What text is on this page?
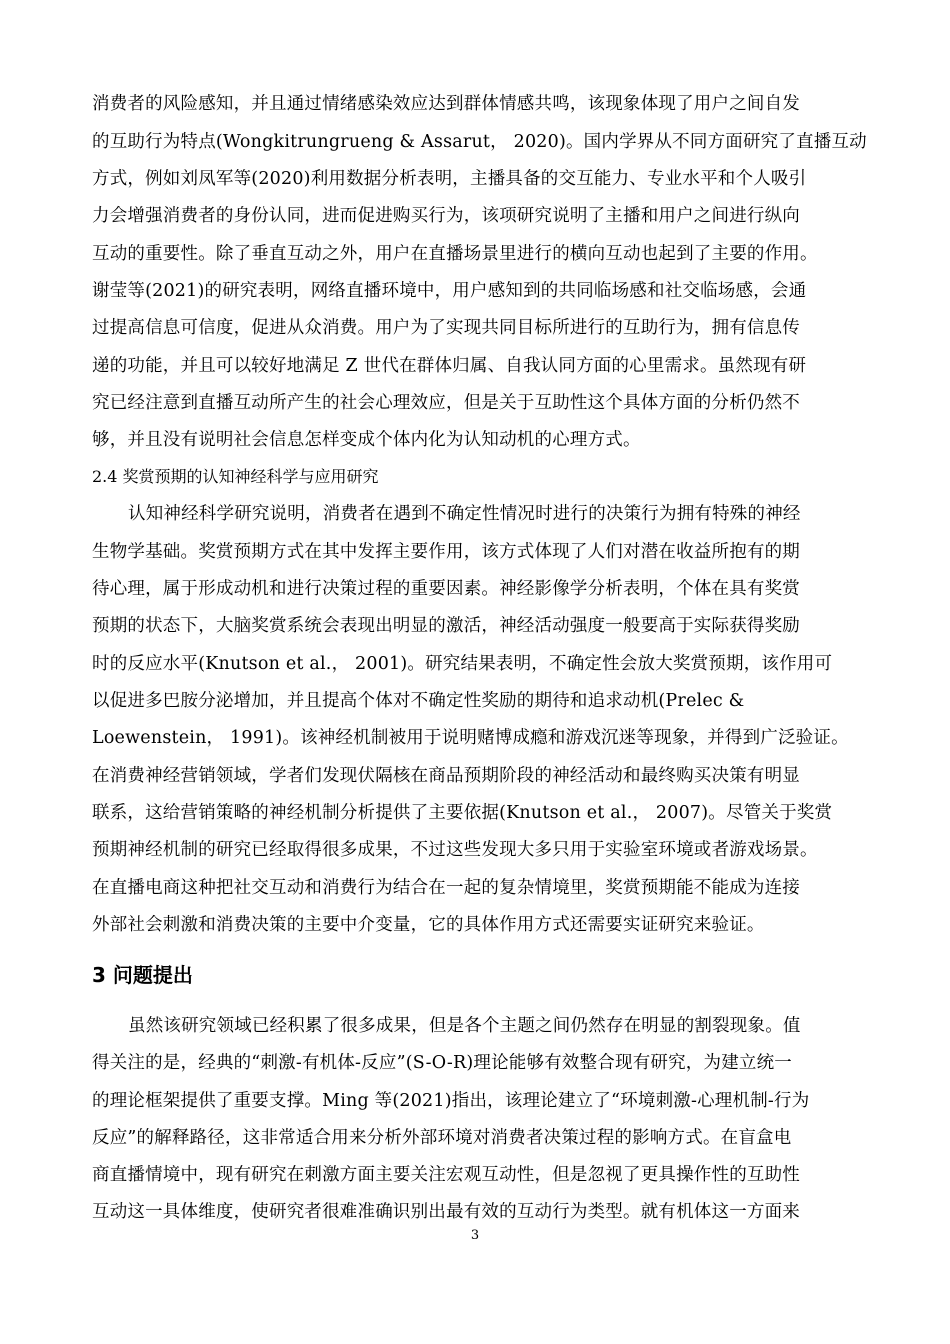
消费者的风险感知，并且通过情绪感染效应达到群体情感共鸣，该现象体现了用户之间自发
的互助行为特点(Wongkitrungrueng & Assarut， 2020)。国内学界从不同方面研究了直播互动
方式，例如刘凤军等(2020)利用数据分析表明，主播具备的交互能力、专业水平和个人吸引
力会增强消费者的身份认同，进而促进购买行为，该项研究说明了主播和用户之间进行纵向
互动的重要性。除了垂直互动之外，用户在直播场景里进行的横向互动也起到了主要的作用。
谢莹等(2021)的研究表明，网络直播环境中，用户感知到的共同临场感和社交临场感，会通
过提高信息可信度，促进从众消费。用户为了实现共同目标所进行的互助行为，拥有信息传
递的功能，并且可以较好地满足 Z 世代在群体归属、自我认同方面的心里需求。虽然现有研
究已经注意到直播互动所产生的社会心理效应，但是关于互助性这个具体方面的分析仍然不
够，并且没有说明社会信息怎样变成个体内化为认知动机的心理方式。
2.4 奖赏预期的认知神经科学与应用研究
认知神经科学研究说明，消费者在遇到不确定性情况时进行的决策行为拥有特殊的神经
生物学基础。奖赏预期方式在其中发挥主要作用，该方式体现了人们对潜在收益所抱有的期
待心理，属于形成动机和进行决策过程的重要因素。神经影像学分析表明，个体在具有奖赏
预期的状态下，大脑奖赏系统会表现出明显的激活，神经活动强度一般要高于实际获得奖励
时的反应水平(Knutson et al.， 2001)。研究结果表明，不确定性会放大奖赏预期，该作用可
以促进多巴胺分泌增加，并且提高个体对不确定性奖励的期待和追求动机(Prelec &
Loewenstein， 1991)。该神经机制被用于说明赌博成瘾和游戏沉迷等现象，并得到广泛验证。
在消费神经营销领域，学者们发现伏隔核在商品预期阶段的神经活动和最终购买决策有明显
联系，这给营销策略的神经机制分析提供了主要依据(Knutson et al.， 2007)。尽管关于奖赏
预期神经机制的研究已经取得很多成果，不过这些发现大多只用于实验室环境或者游戏场景。
在直播电商这种把社交互动和消费行为结合在一起的复杂情境里，奖赏预期能不能成为连接
外部社会刺激和消费决策的主要中介变量，它的具体作用方式还需要实证研究来验证。
3 问题提出
虽然该研究领域已经积累了很多成果，但是各个主题之间仍然存在明显的割裂现象。值
得关注的是，经典的“刺激-有机体-反应”(S-O-R)理论能够有效整合现有研究，为建立统一
的理论框架提供了重要支撑。Ming 等(2021)指出，该理论建立了“环境刺激-心理机制-行为
反应”的解释路径，这非常适合用来分析外部环境对消费者决策过程的影响方式。在盲盒电
商直播情境中，现有研究在刺激方面主要关注宏观互动性，但是忽视了更具操作性的互助性
互动这一具体维度，使研究者很难准确识别出最有效的互动行为类型。就有机体这一方面来
3
